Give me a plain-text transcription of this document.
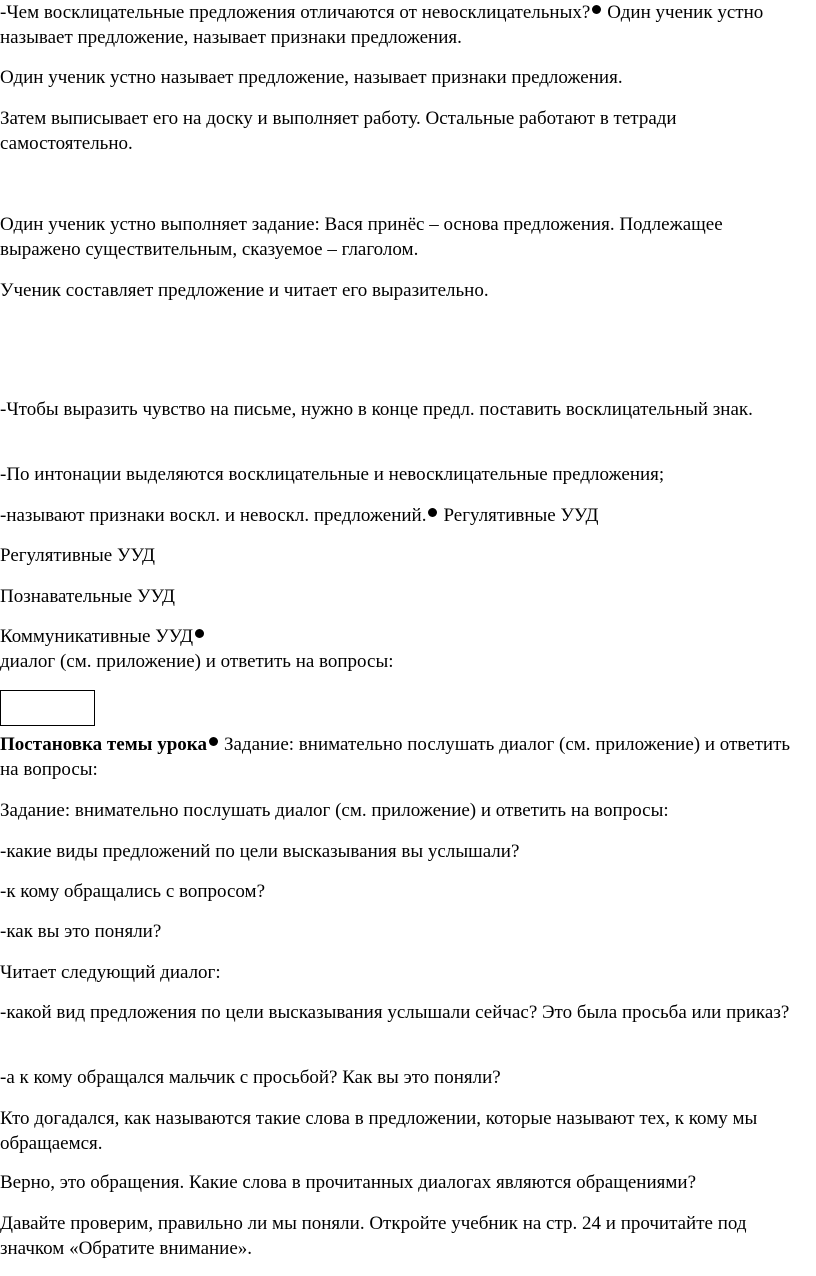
-Чем восклицательные предложения отличаются от невосклицательных? Один ученик устно называет предложение, называет признаки предложения.

Один ученик устно называет предложение, называет признаки предложения.

Затем выписывает его на доску и выполняет работу. Остальные работают в тетради самостоятельно.

Один ученик устно выполняет задание: Вася принёс – основа предложения. Подлежащее выражено существительным, сказуемое – глаголом.

Ученик составляет предложение и читает его выразительно.

-Чтобы выразить чувство на письме, нужно в конце предл. поставить восклицательный знак.

-По интонации выделяются восклицательные и невосклицательные предложения;

-называют признаки воскл. и невоскл. предложений. Регулятивные УУД

Регулятивные УУД

Познавательные УУД

Коммуникативные УУД
диалог (см. приложение) и ответить на вопросы:

Постановка темы урока Задание: внимательно послушать диалог (см. приложение) и ответить на вопросы:

Задание: внимательно послушать диалог (см. приложение) и ответить на вопросы:

-какие виды предложений по цели высказывания вы услышали?

-к кому обращались с вопросом?

-как вы это поняли?

Читает следующий диалог:

-какой вид предложения по цели высказывания услышали сейчас? Это была просьба или приказ?

-а к кому обращался мальчик с просьбой? Как вы это поняли?

Кто догадался, как называются такие слова в предложении, которые называют тех, к кому мы обращаемся.

Верно, это обращения. Какие слова в прочитанных диалогах являются обращениями?

Давайте проверим, правильно ли мы поняли. Откройте учебник на стр. 24 и прочитайте под значком «Обратите внимание».
